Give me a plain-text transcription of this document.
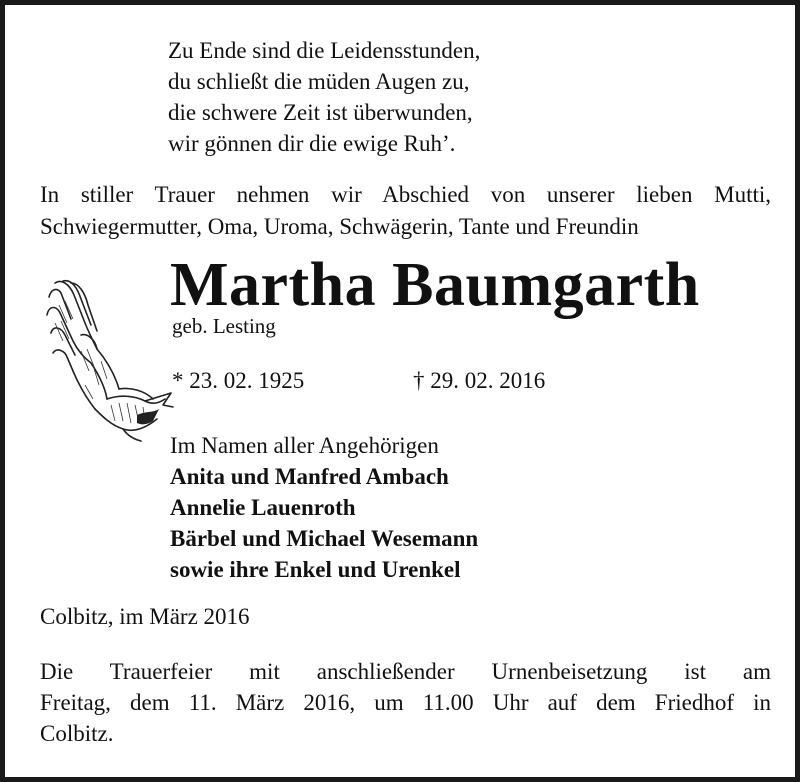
Zu Ende sind die Leidensstunden,
du schließt die müden Augen zu,
die schwere Zeit ist überwunden,
wir gönnen dir die ewige Ruh’.
In stiller Trauer nehmen wir Abschied von unserer lieben Mutti,
Schwiegermutter, Oma, Uroma, Schwägerin, Tante und Freundin
Martha Baumgarth
geb. Lesting
* 23. 02. 1925	† 29. 02. 2016
Im Namen aller Angehörigen
Anita und Manfred Ambach
Annelie Lauenroth
Bärbel und Michael Wesemann
sowie ihre Enkel und Urenkel
Colbitz, im März 2016
Die Trauerfeier mit anschließender Urnenbeisetzung ist am
Freitag, dem 11. März 2016, um 11.00 Uhr auf dem Friedhof in
Colbitz.
